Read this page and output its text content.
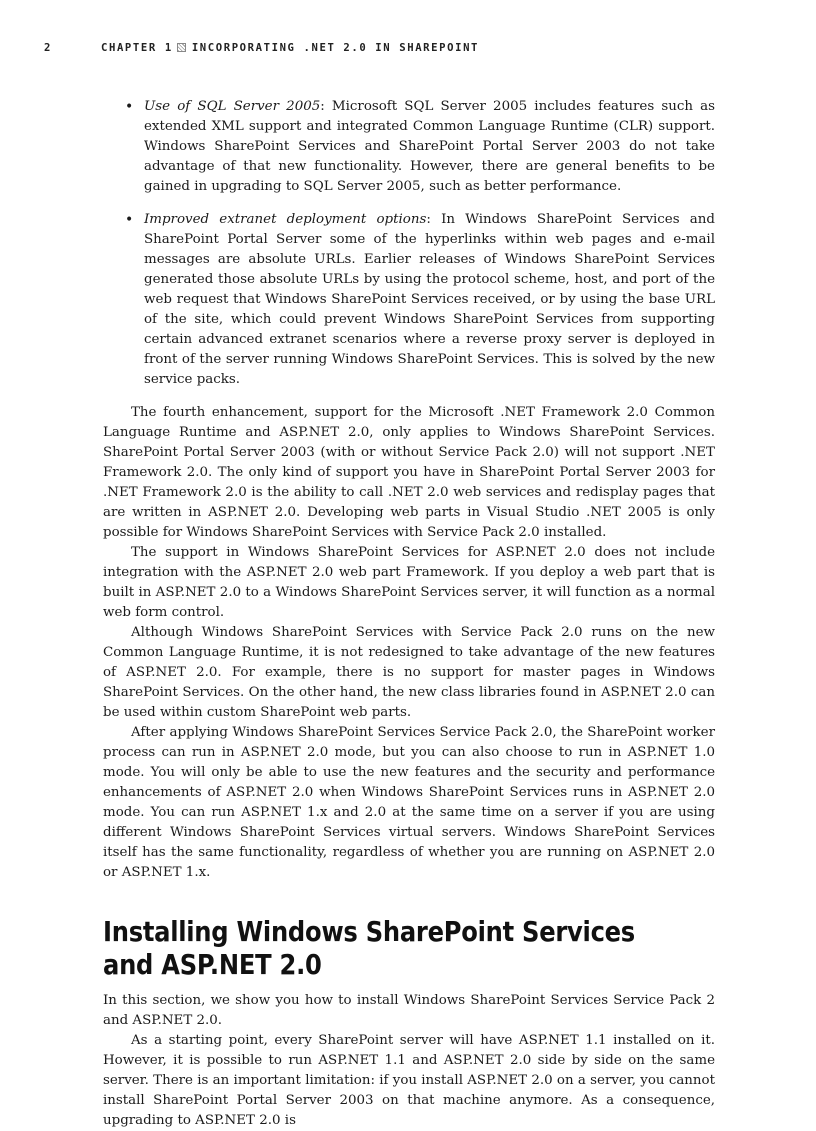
2	CHAPTER 1 INCORPORATING .NET 2.0 IN SHAREPOINT
• Use of SQL Server 2005: Microsoft SQL Server 2005 includes features such as extended XML support and integrated Common Language Runtime (CLR) support. Windows SharePoint Services and SharePoint Portal Server 2003 do not take advantage of that new functionality. However, there are general benefits to be gained in upgrading to SQL Server 2005, such as better performance.
• Improved extranet deployment options: In Windows SharePoint Services and SharePoint Portal Server some of the hyperlinks within web pages and e-mail messages are absolute URLs. Earlier releases of Windows SharePoint Services generated those absolute URLs by using the protocol scheme, host, and port of the web request that Windows SharePoint Services received, or by using the base URL of the site, which could prevent Windows SharePoint Services from supporting certain advanced extranet scenarios where a reverse proxy server is deployed in front of the server running Windows SharePoint Services. This is solved by the new service packs.

The fourth enhancement, support for the Microsoft .NET Framework 2.0 Common Language Runtime and ASP.NET 2.0, only applies to Windows SharePoint Services. SharePoint Portal Server 2003 (with or without Service Pack 2.0) will not support .NET Framework 2.0. The only kind of support you have in SharePoint Portal Server 2003 for .NET Framework 2.0 is the ability to call .NET 2.0 web services and redisplay pages that are written in ASP.NET 2.0. Developing web parts in Visual Studio .NET 2005 is only possible for Windows SharePoint Services with Service Pack 2.0 installed.

The support in Windows SharePoint Services for ASP.NET 2.0 does not include integration with the ASP.NET 2.0 web part Framework. If you deploy a web part that is built in ASP.NET 2.0 to a Windows SharePoint Services server, it will function as a normal web form control.

Although Windows SharePoint Services with Service Pack 2.0 runs on the new Common Language Runtime, it is not redesigned to take advantage of the new features of ASP.NET 2.0. For example, there is no support for master pages in Windows SharePoint Services. On the other hand, the new class libraries found in ASP.NET 2.0 can be used within custom SharePoint web parts.

After applying Windows SharePoint Services Service Pack 2.0, the SharePoint worker process can run in ASP.NET 2.0 mode, but you can also choose to run in ASP.NET 1.0 mode. You will only be able to use the new features and the security and performance enhancements of ASP.NET 2.0 when Windows SharePoint Services runs in ASP.NET 2.0 mode. You can run ASP.NET 1.x and 2.0 at the same time on a server if you are using different Windows SharePoint Services virtual servers. Windows SharePoint Services itself has the same functionality, regardless of whether you are running on ASP.NET 2.0 or ASP.NET 1.x.

Installing Windows SharePoint Services
and ASP.NET 2.0

In this section, we show you how to install Windows SharePoint Services Service Pack 2 and ASP.NET 2.0.

As a starting point, every SharePoint server will have ASP.NET 1.1 installed on it. However, it is possible to run ASP.NET 1.1 and ASP.NET 2.0 side by side on the same server. There is an important limitation: if you install ASP.NET 2.0 on a server, you cannot install SharePoint Portal Server 2003 on that machine anymore. As a consequence, upgrading to ASP.NET 2.0 is
